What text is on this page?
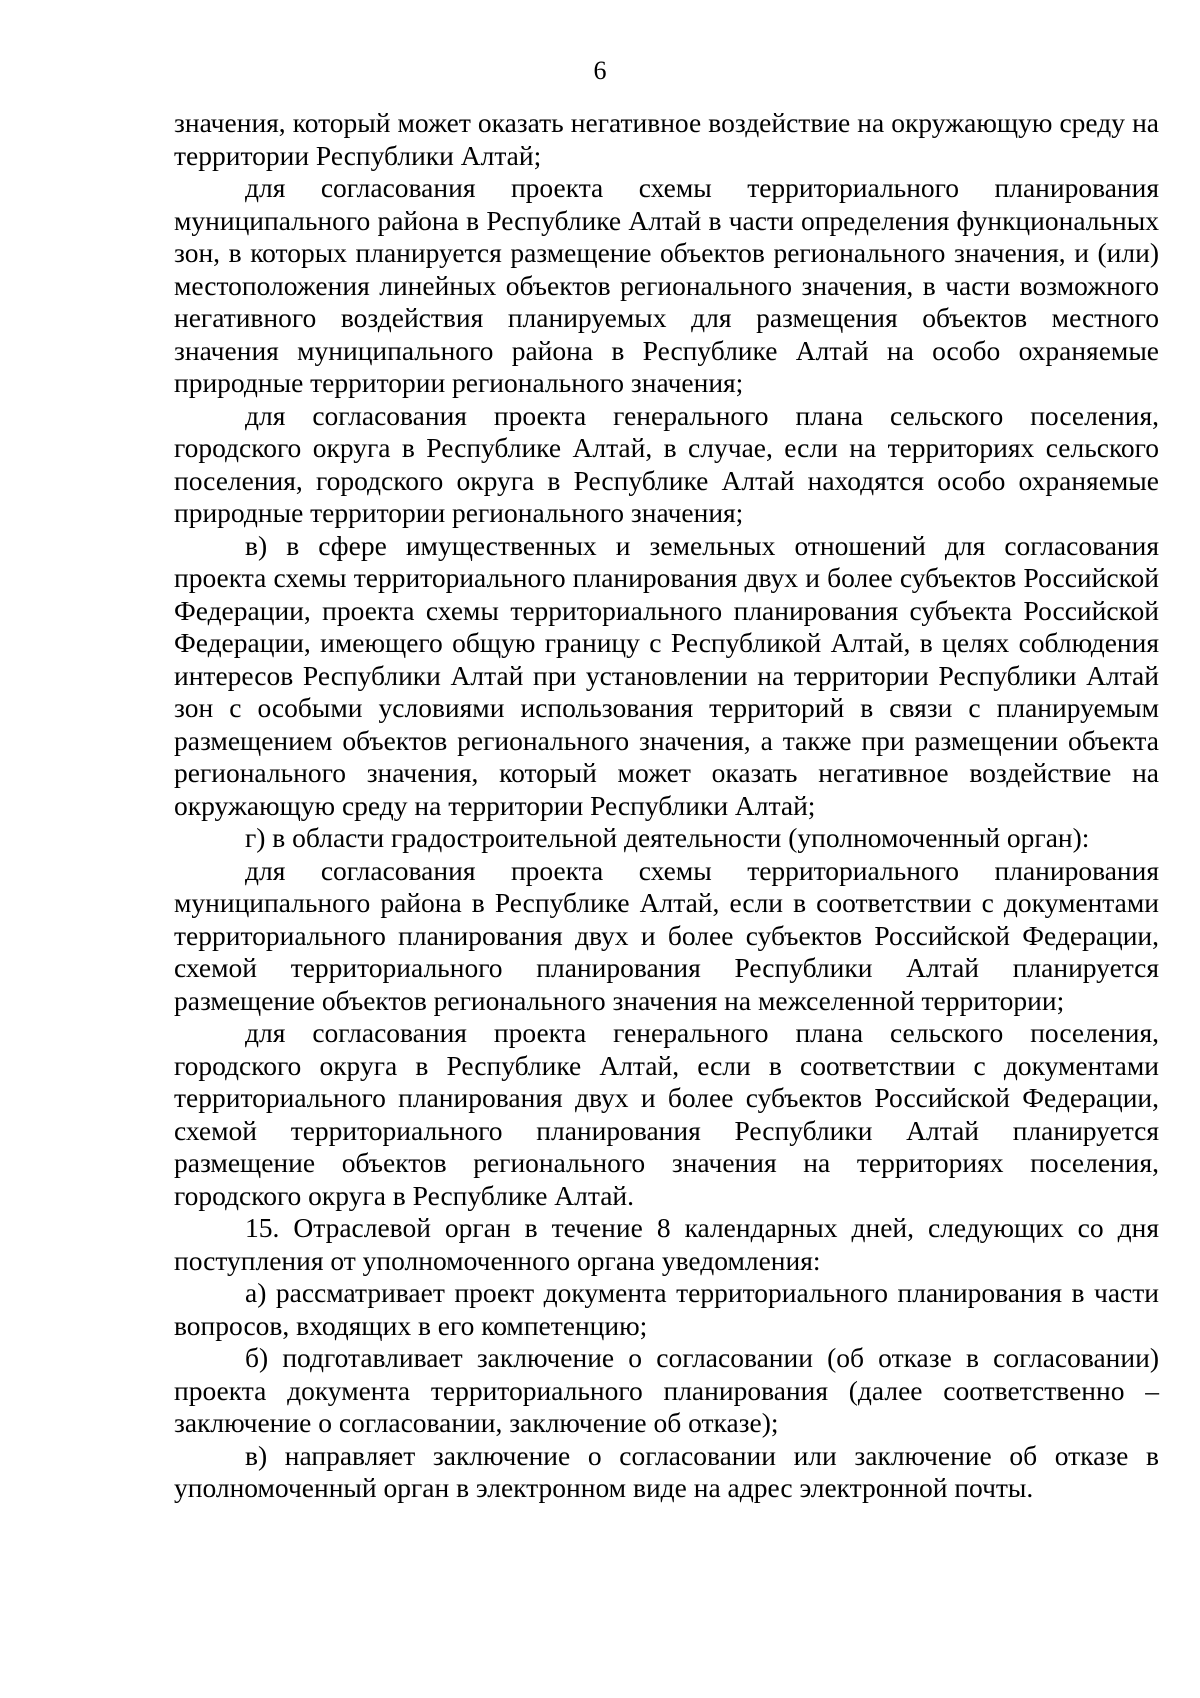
6

значения, который может оказать негативное воздействие на окружающую среду на территории Республики Алтай;

для согласования проекта схемы территориального планирования муниципального района в Республике Алтай в части определения функциональных зон, в которых планируется размещение объектов регионального значения, и (или) местоположения линейных объектов регионального значения, в части возможного негативного воздействия планируемых для размещения объектов местного значения муниципального района в Республике Алтай на особо охраняемые природные территории регионального значения;

для согласования проекта генерального плана сельского поселения, городского округа в Республике Алтай, в случае, если на территориях сельского поселения, городского округа в Республике Алтай находятся особо охраняемые природные территории регионального значения;

в) в сфере имущественных и земельных отношений для согласования проекта схемы территориального планирования двух и более субъектов Российской Федерации, проекта схемы территориального планирования субъекта Российской Федерации, имеющего общую границу с Республикой Алтай, в целях соблюдения интересов Республики Алтай при установлении на территории Республики Алтай зон с особыми условиями использования территорий в связи с планируемым размещением объектов регионального значения, а также при размещении объекта регионального значения, который может оказать негативное воздействие на окружающую среду на территории Республики Алтай;

г) в области градостроительной деятельности (уполномоченный орган):

для согласования проекта схемы территориального планирования муниципального района в Республике Алтай, если в соответствии с документами территориального планирования двух и более субъектов Российской Федерации, схемой территориального планирования Республики Алтай планируется размещение объектов регионального значения на межселенной территории;

для согласования проекта генерального плана сельского поселения, городского округа в Республике Алтай, если в соответствии с документами территориального планирования двух и более субъектов Российской Федерации, схемой территориального планирования Республики Алтай планируется размещение объектов регионального значения на территориях поселения, городского округа в Республике Алтай.

15. Отраслевой орган в течение 8 календарных дней, следующих со дня поступления от уполномоченного органа уведомления:

а) рассматривает проект документа территориального планирования в части вопросов, входящих в его компетенцию;

б) подготавливает заключение о согласовании (об отказе в согласовании) проекта документа территориального планирования (далее соответственно – заключение о согласовании, заключение об отказе);

в) направляет заключение о согласовании или заключение об отказе в уполномоченный орган в электронном виде на адрес электронной почты.
